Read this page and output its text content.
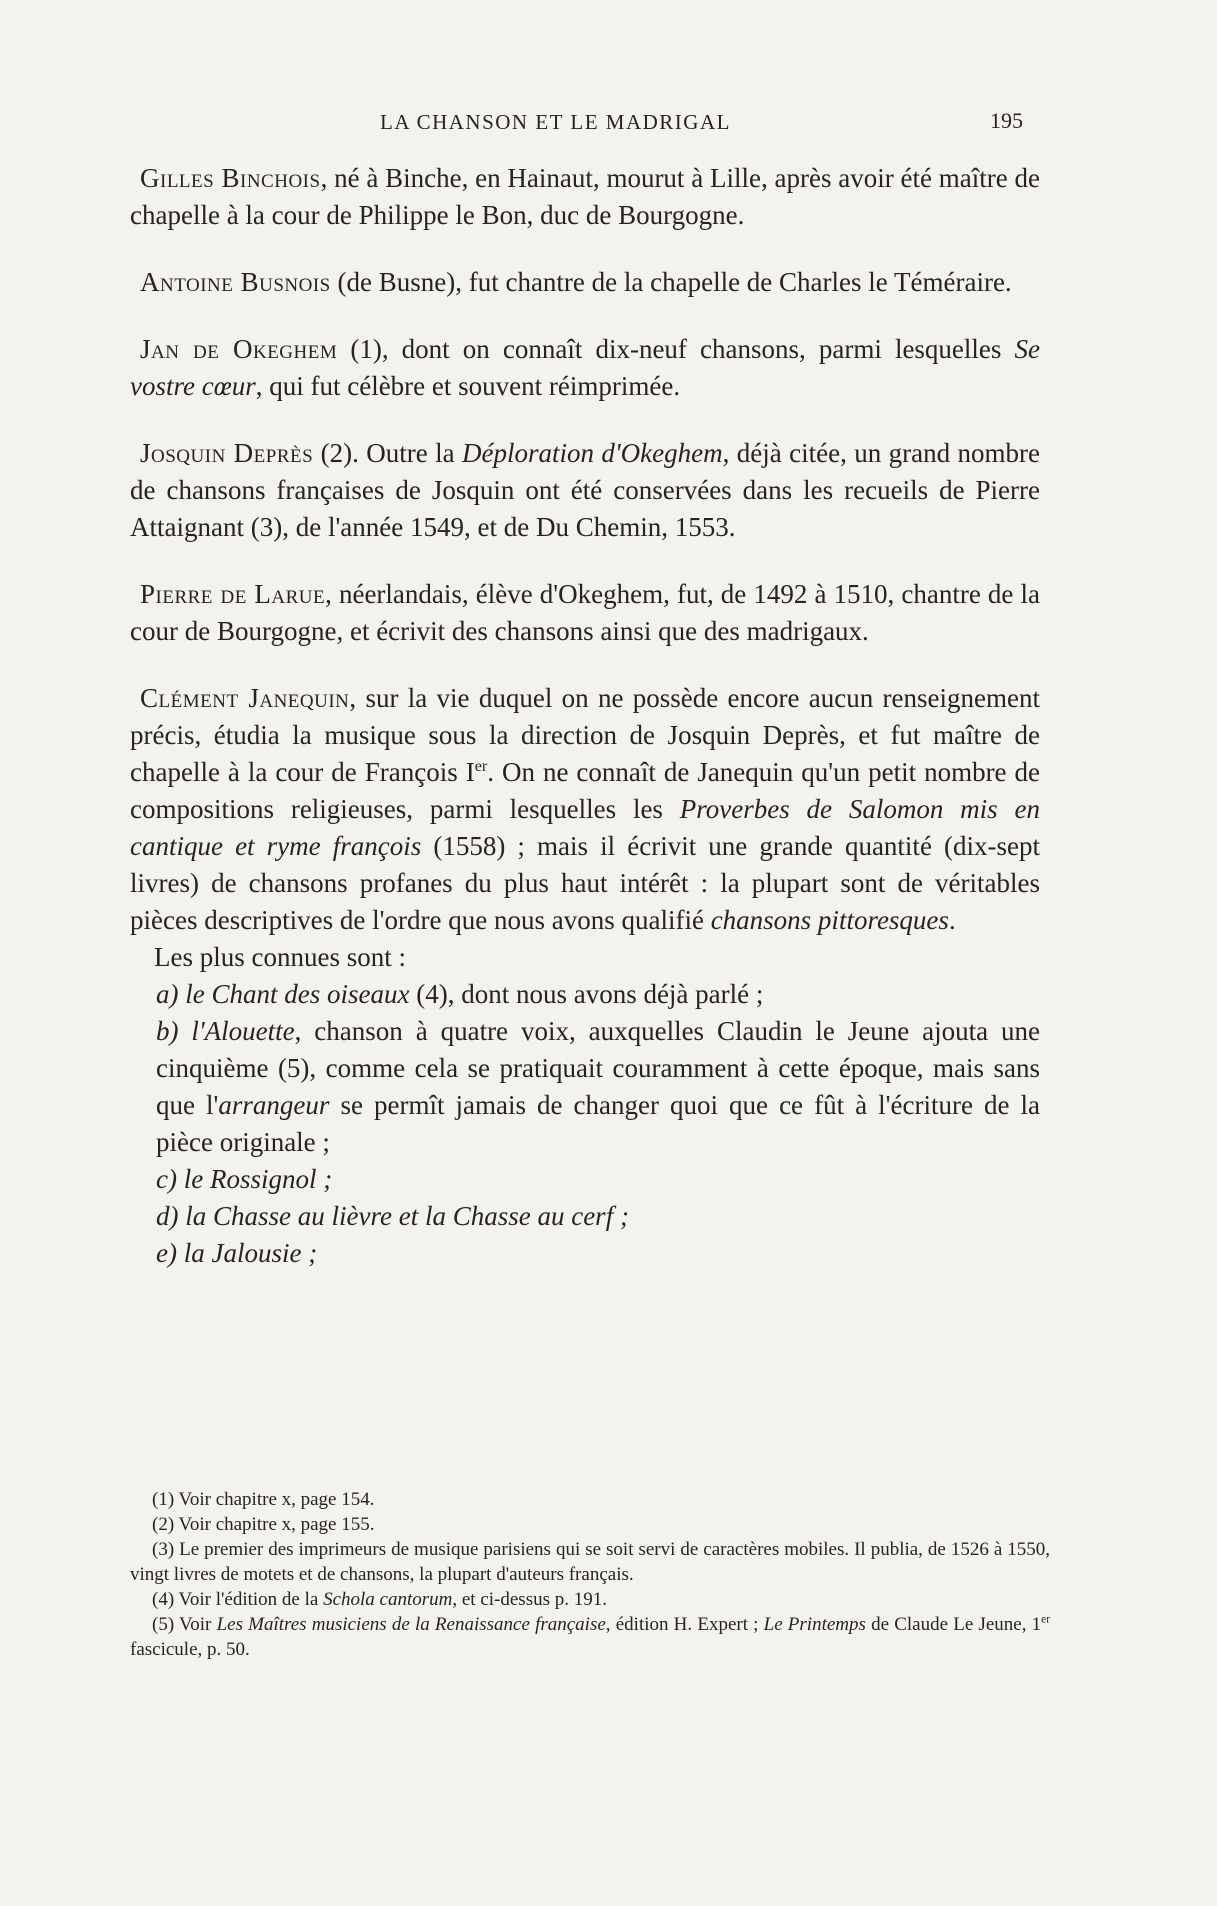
LA CHANSON ET LE MADRIGAL	195

Gilles Binchois, né à Binche, en Hainaut, mourut à Lille, après avoir été maître de chapelle à la cour de Philippe le Bon, duc de Bourgogne.

Antoine Busnois (de Busne), fut chantre de la chapelle de Charles le Téméraire.

Jan de Okeghem (1), dont on connaît dix-neuf chansons, parmi lesquelles Se vostre cœur, qui fut célèbre et souvent réimprimée.

Josquin Deprès (2). Outre la Déploration d'Okeghem, déjà citée, un grand nombre de chansons françaises de Josquin ont été conservées dans les recueils de Pierre Attaignant (3), de l'année 1549, et de Du Chemin, 1553.

Pierre de Larue, néerlandais, élève d'Okeghem, fut, de 1492 à 1510, chantre de la cour de Bourgogne, et écrivit des chansons ainsi que des madrigaux.

Clément Janequin, sur la vie duquel on ne possède encore aucun renseignement précis, étudia la musique sous la direction de Josquin Deprès, et fut maître de chapelle à la cour de François Ier. On ne connaît de Janequin qu'un petit nombre de compositions religieuses, parmi lesquelles les Proverbes de Salomon mis en cantique et ryme françois (1558) ; mais il écrivit une grande quantité (dix-sept livres) de chansons profanes du plus haut intérêt : la plupart sont de véritables pièces descriptives de l'ordre que nous avons qualifié chansons pittoresques.

Les plus connues sont :

a) le Chant des oiseaux (4), dont nous avons déjà parlé ;

b) l'Alouette, chanson à quatre voix, auxquelles Claudin le Jeune ajouta une cinquième (5), comme cela se pratiquait couramment à cette époque, mais sans que l'arrangeur se permît jamais de changer quoi que ce fût à l'écriture de la pièce originale ;

c) le Rossignol ;

d) la Chasse au lièvre et la Chasse au cerf ;

e) la Jalousie ;

(1) Voir chapitre x, page 154.

(2) Voir chapitre x, page 155.

(3) Le premier des imprimeurs de musique parisiens qui se soit servi de caractères mobiles. Il publia, de 1526 à 1550, vingt livres de motets et de chansons, la plupart d'auteurs français.

(4) Voir l'édition de la Schola cantorum, et ci-dessus p. 191.

(5) Voir Les Maîtres musiciens de la Renaissance française, édition H. Expert ; Le Printemps de Claude Le Jeune, 1er fascicule, p. 50.
